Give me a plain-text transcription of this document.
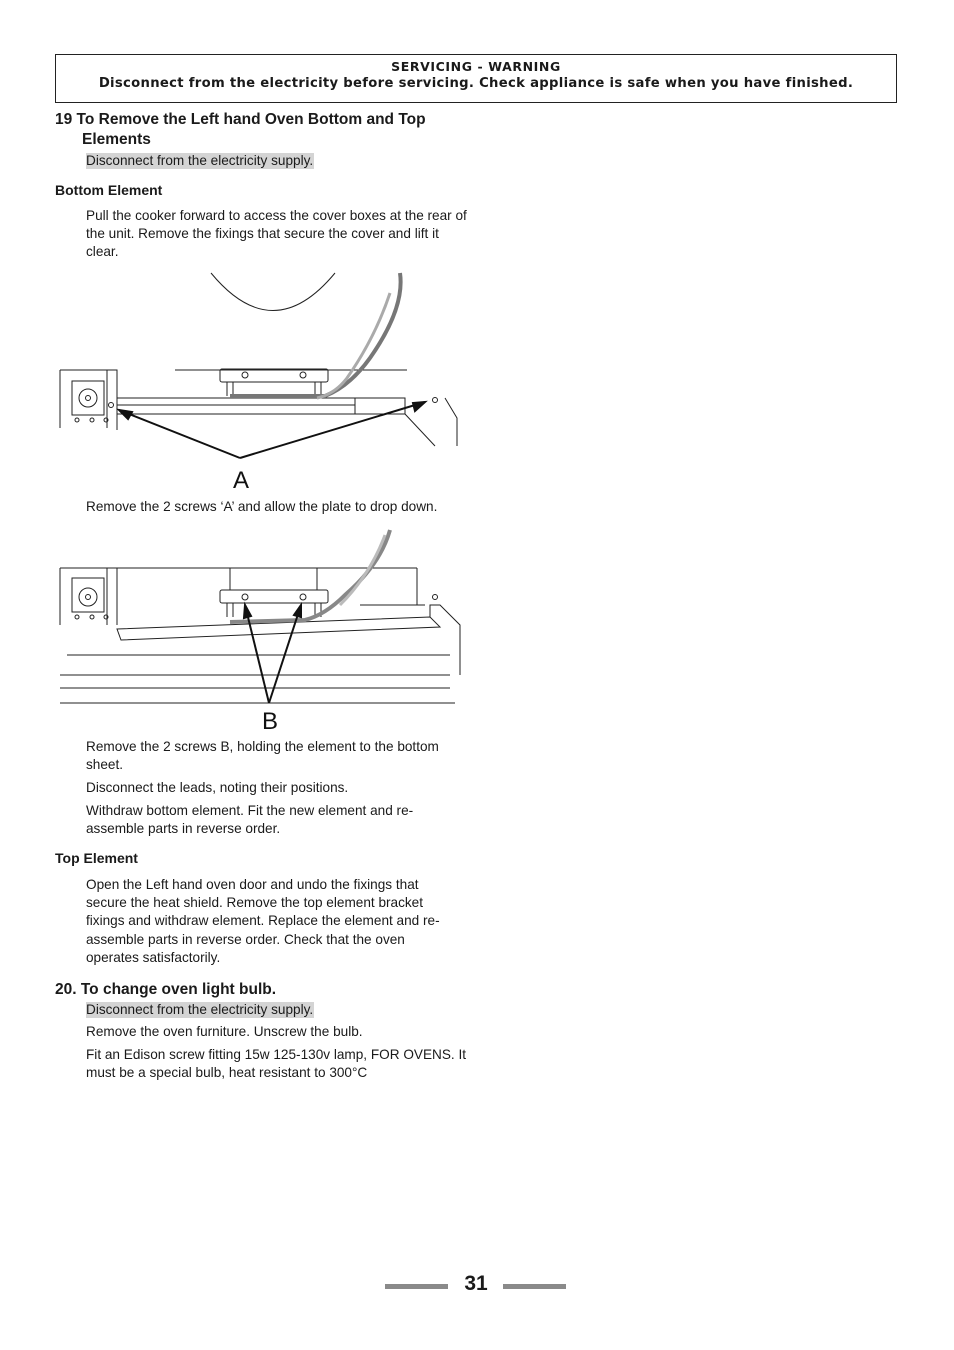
SERVICING - WARNING
Disconnect from the electricity before servicing. Check appliance is safe when you have finished.
19 To Remove the Left hand Oven Bottom and Top
Elements
Disconnect from the electricity supply.
Bottom Element
Pull the cooker forward to access the cover boxes at the rear of the unit. Remove the fixings that secure the cover and lift it clear.
A
Remove the 2 screws ‘A’ and allow the plate to drop down.
B
Remove the 2 screws B, holding the element to the bottom sheet.
Disconnect the leads, noting their positions.
Withdraw bottom element. Fit the new element and re-assemble parts in reverse order.
Top Element
Open the Left hand oven door and undo the fixings that secure the heat shield. Remove the top element bracket fixings and withdraw element. Replace the element and re-assemble parts in reverse order. Check that the oven operates satisfactorily.
20. To change oven light bulb.
Disconnect from the electricity supply.
Remove the oven furniture. Unscrew the bulb.
Fit an Edison screw fitting 15w 125-130v lamp, FOR OVENS. It must be a special bulb, heat resistant to 300°C
31
